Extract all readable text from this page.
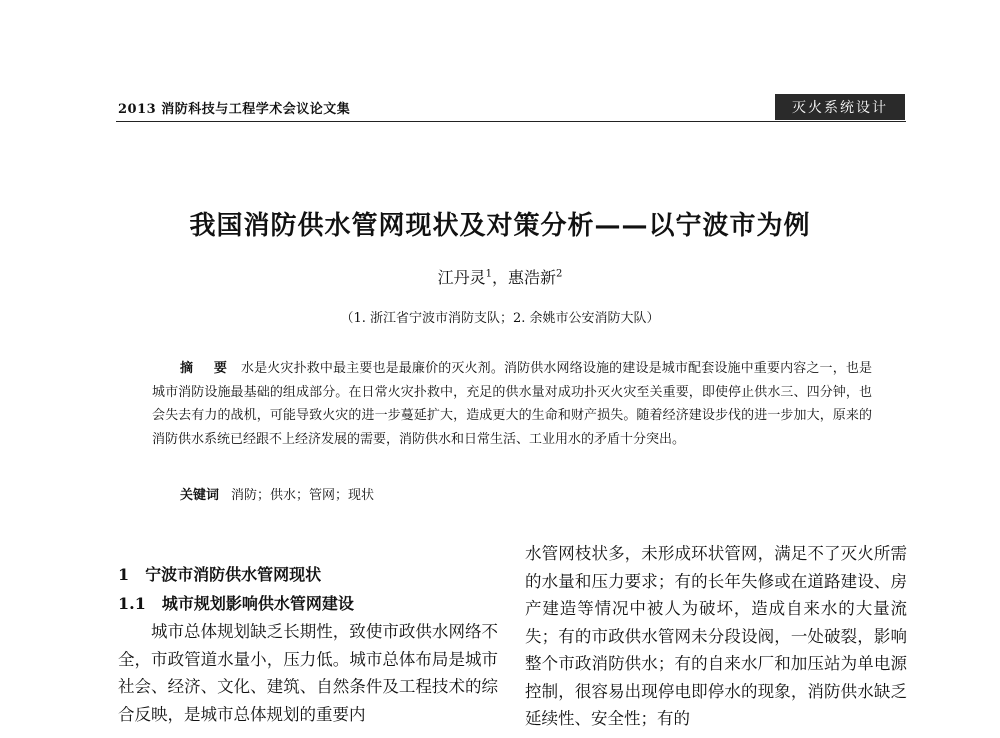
2013 消防科技与工程学术会议论文集	灭火系统设计
我国消防供水管网现状及对策分析——以宁波市为例
江丹灵$^1$，惠浩新$^2$
（1. 浙江省宁波市消防支队；2. 余姚市公安消防大队）
摘 要 水是火灾扑救中最主要也是最廉价的灭火剂。消防供水网络设施的建设是城市配套设施中重要内容之一，也是城市消防设施最基础的组成部分。在日常火灾扑救中，充足的供水量对成功扑灭火灾至关重要，即使停止供水三、四分钟，也会失去有力的战机，可能导致火灾的进一步蔓延扩大，造成更大的生命和财产损失。随着经济建设步伐的进一步加大，原来的消防供水系统已经跟不上经济发展的需要，消防供水和日常生活、工业用水的矛盾十分突出。
关键词 消防；供水；管网；现状
1　宁波市消防供水管网现状
1.1　城市规划影响供水管网建设

城市总体规划缺乏长期性，致使市政供水网络不全，市政管道水量小，压力低。城市总体布局是城市社会、经济、文化、建筑、自然条件及工程技术的综合反映，是城市总体规划的重要内

水管网枝状多，未形成环状管网，满足不了灭火所需的水量和压力要求；有的长年失修或在道路建设、房产建造等情况中被人为破坏，造成自来水的大量流失；有的市政供水管网未分段设阀，一处破裂，影响整个市政消防供水；有的自来水厂和加压站为单电源控制，很容易出现停电即停水的现象，消防供水缺乏延续性、安全性；有的
